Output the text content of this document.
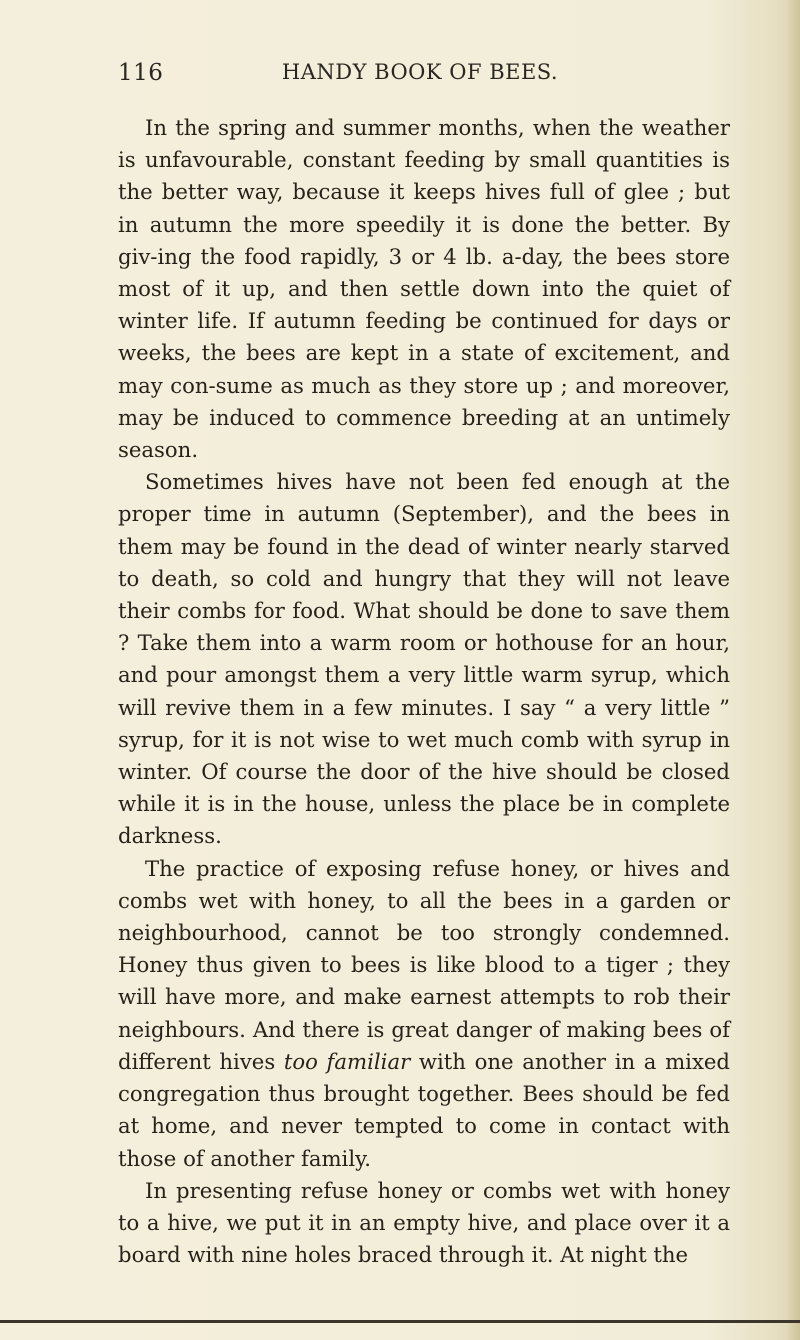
116	HANDY BOOK OF BEES.

In the spring and summer months, when the weather is unfavourable, constant feeding by small quantities is the better way, because it keeps hives full of glee ; but in autumn the more speedily it is done the better. By giv-ing the food rapidly, 3 or 4 lb. a-day, the bees store most of it up, and then settle down into the quiet of winter life. If autumn feeding be continued for days or weeks, the bees are kept in a state of excitement, and may con-sume as much as they store up ; and moreover, may be induced to commence breeding at an untimely season.

Sometimes hives have not been fed enough at the proper time in autumn (September), and the bees in them may be found in the dead of winter nearly starved to death, so cold and hungry that they will not leave their combs for food. What should be done to save them ? Take them into a warm room or hothouse for an hour, and pour amongst them a very little warm syrup, which will revive them in a few minutes. I say “ a very little ” syrup, for it is not wise to wet much comb with syrup in winter. Of course the door of the hive should be closed while it is in the house, unless the place be in complete darkness.

The practice of exposing refuse honey, or hives and combs wet with honey, to all the bees in a garden or neighbourhood, cannot be too strongly condemned. Honey thus given to bees is like blood to a tiger ; they will have more, and make earnest attempts to rob their neighbours. And there is great danger of making bees of different hives too familiar with one another in a mixed congregation thus brought together. Bees should be fed at home, and never tempted to come in contact with those of another family.

In presenting refuse honey or combs wet with honey to a hive, we put it in an empty hive, and place over it a board with nine holes braced through it. At night the
